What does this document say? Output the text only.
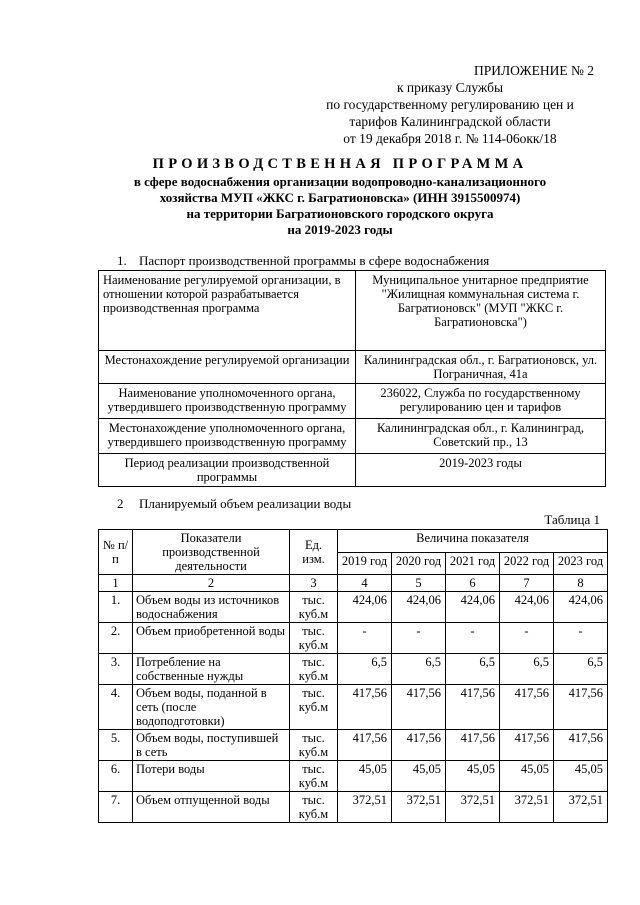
ПРИЛОЖЕНИЕ № 2
к приказу Службы
по государственному регулированию цен и
тарифов Калининградской области
от 19 декабря 2018 г. № 114-06окк/18
ПРОИЗВОДСТВЕННАЯ ПРОГРАММА
в сфере водоснабжения организации водопроводно-канализационного
хозяйства МУП «ЖКС г. Багратионовска» (ИНН 3915500974)
на территории Багратионовского городского округа
на 2019-2023 годы
1. Паспорт производственной программы в сфере водоснабжения
Наименование регулируемой организации, в отношении которой разрабатывается производственная программа	Муниципальное унитарное предприятие "Жилищная коммунальная система г. Багратионовск" (МУП "ЖКС г. Багратионовска")
Местонахождение регулируемой организации	Калининградская обл., г. Багратионовск, ул. Пограничная, 41а
Наименование уполномоченного органа, утвердившего производственную программу	236022, Служба по государственному регулированию цен и тарифов
Местонахождение уполномоченного органа, утвердившего производственную программу	Калининградская обл., г. Калининград, Советский пр., 13
Период реализации производственной программы	2019-2023 годы
2 Планируемый объем реализации воды
Таблица 1
№ п/п	Показатели производственной деятельности	Ед. изм.	Величина показателя				
			2019 год	2020 год	2021 год	2022 год	2023 год
1	2	3	4	5	6	7	8
1.	Объем воды из источников водоснабжения	тыс. куб.м	424,06	424,06	424,06	424,06	424,06
2.	Объем приобретенной воды	тыс. куб.м	-	-	-	-	-
3.	Потребление на собственные нужды	тыс. куб.м	6,5	6,5	6,5	6,5	6,5
4.	Объем воды, поданной в сеть (после водоподготовки)	тыс. куб.м	417,56	417,56	417,56	417,56	417,56
5.	Объем воды, поступившей в сеть	тыс. куб.м	417,56	417,56	417,56	417,56	417,56
6.	Потери воды	тыс. куб.м	45,05	45,05	45,05	45,05	45,05
7.	Объем отпущенной воды	тыс. куб.м	372,51	372,51	372,51	372,51	372,51
